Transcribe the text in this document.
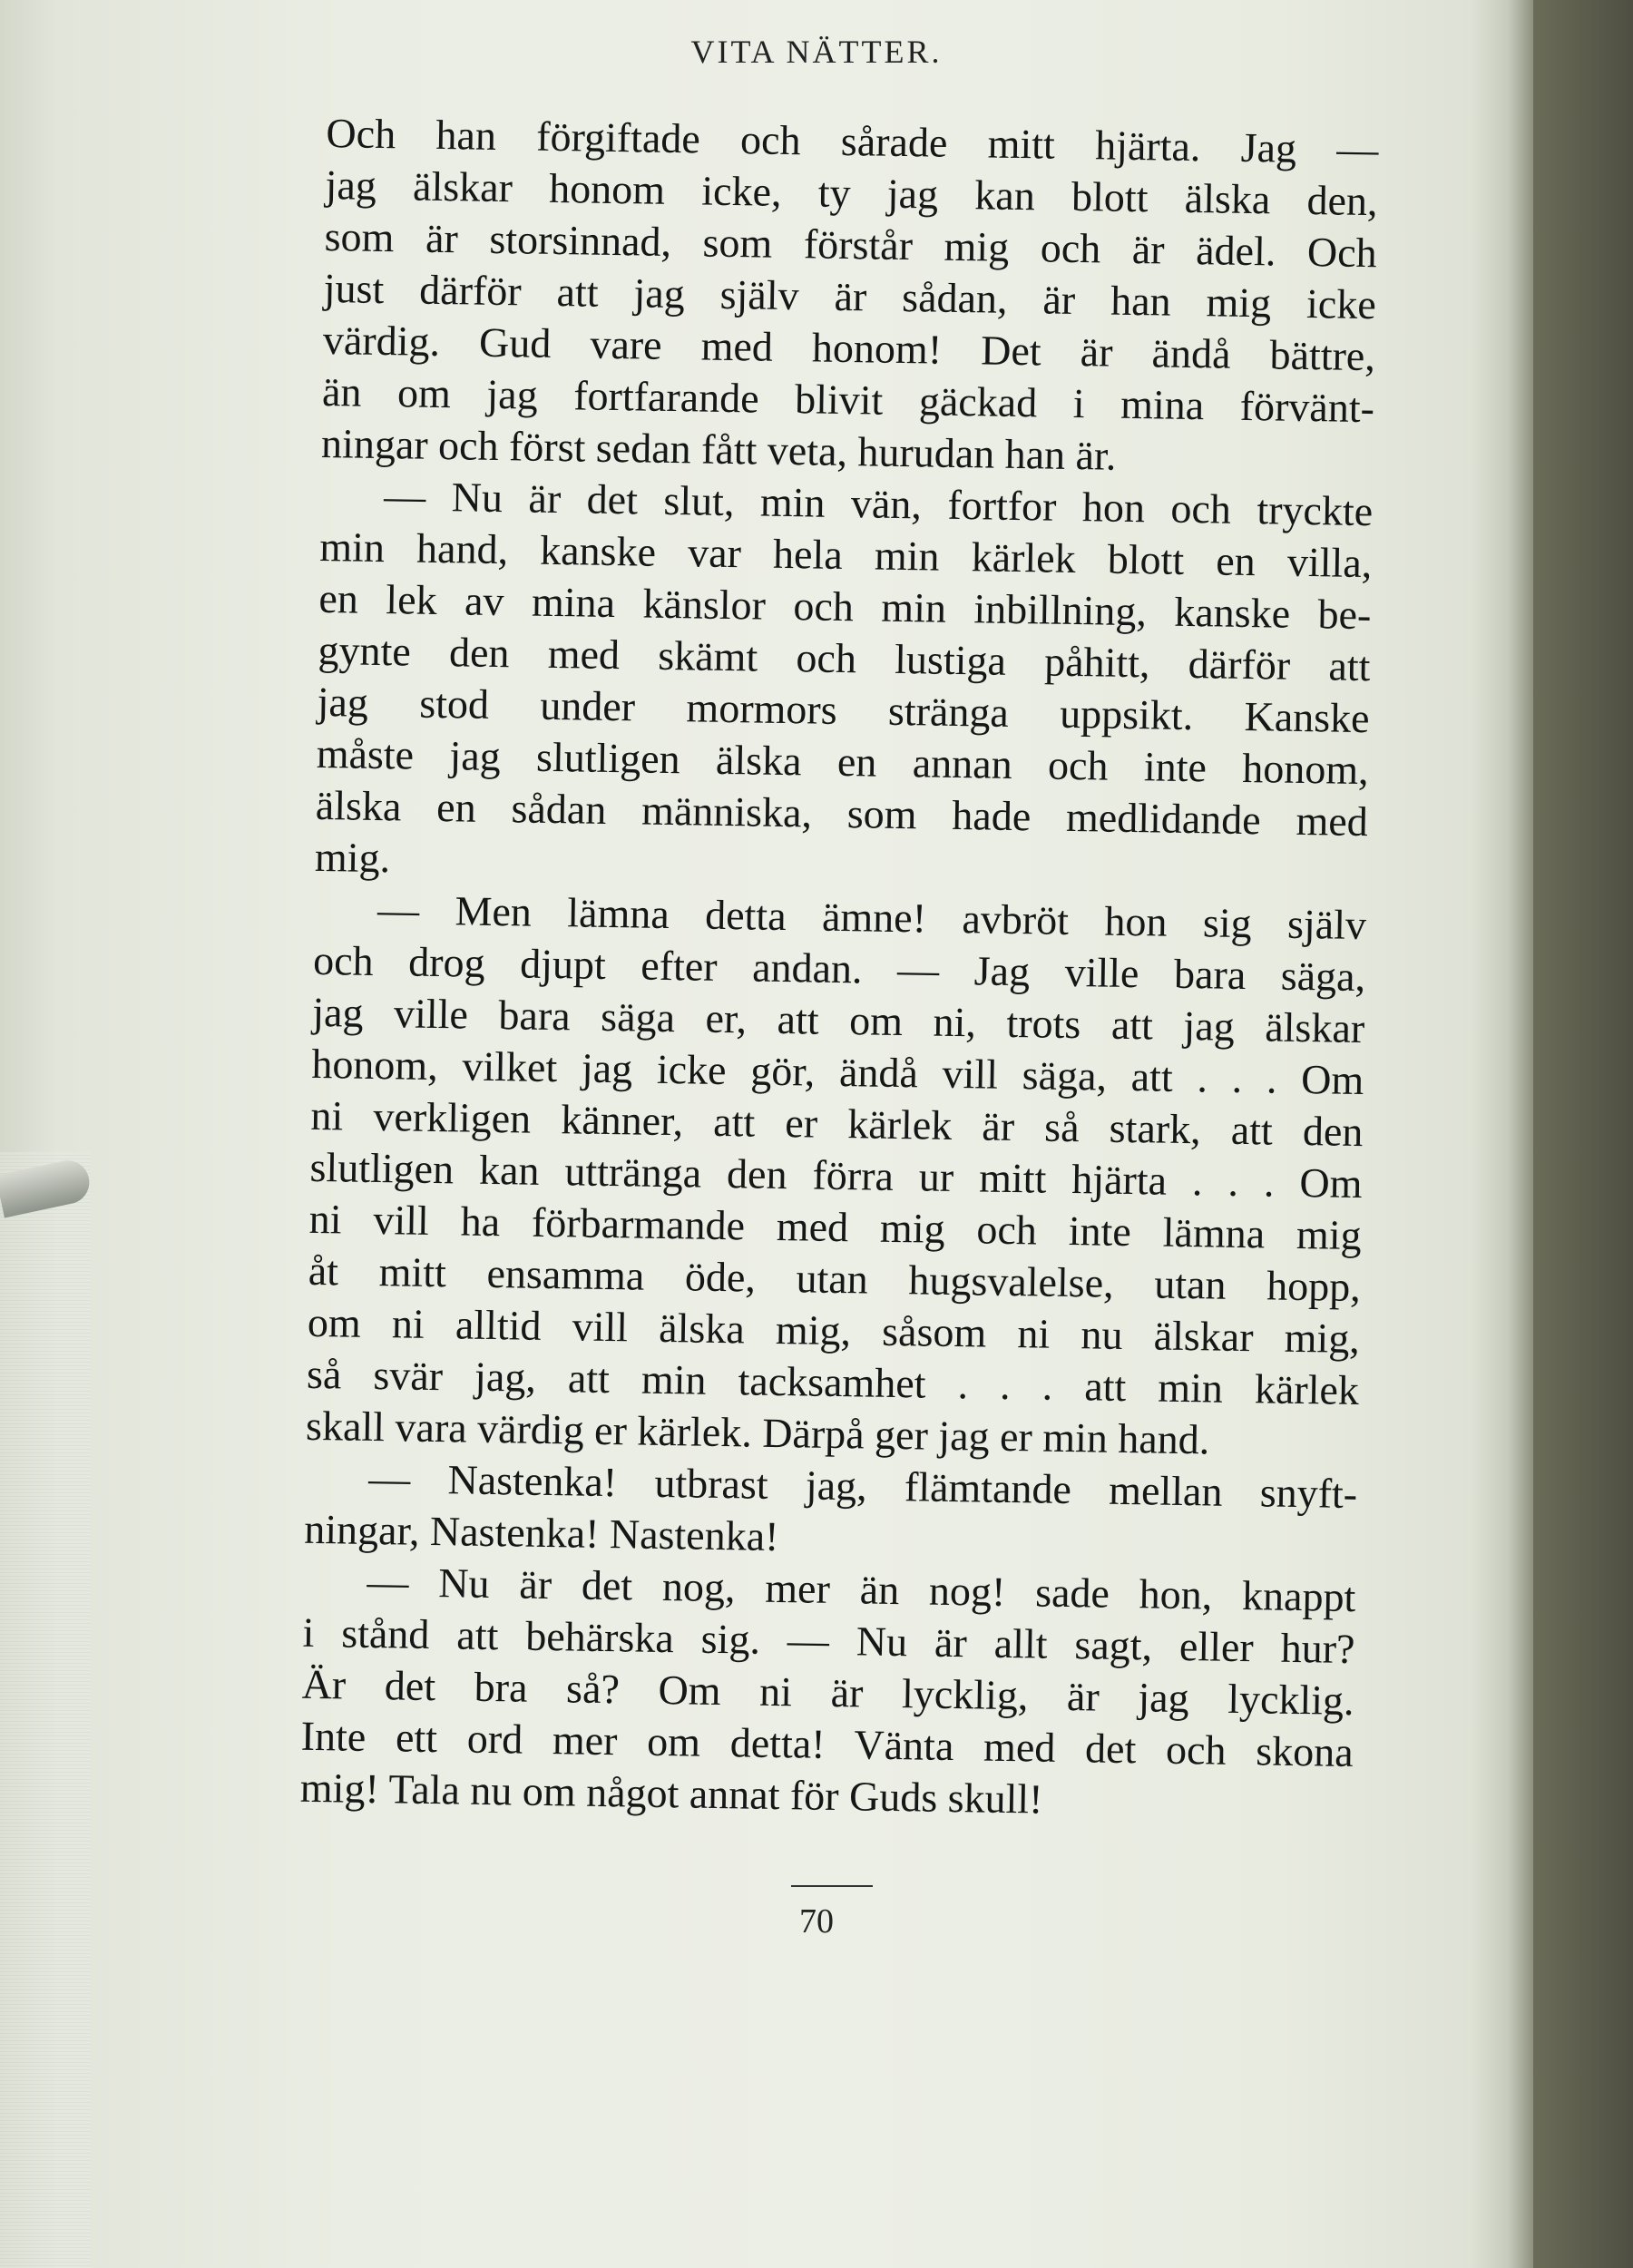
VITA NÄTTER.
Och han förgiftade och sårade mitt hjärta. Jag —
jag älskar honom icke, ty jag kan blott älska den,
som är storsinnad, som förstår mig och är ädel. Och
just därför att jag själv är sådan, är han mig icke
värdig. Gud vare med honom! Det är ändå bättre,
än om jag fortfarande blivit gäckad i mina förvänt-
ningar och först sedan fått veta, hurudan han är.
— Nu är det slut, min vän, fortfor hon och tryckte
min hand, kanske var hela min kärlek blott en villa,
en lek av mina känslor och min inbillning, kanske be-
gynte den med skämt och lustiga påhitt, därför att
jag stod under mormors stränga uppsikt. Kanske
måste jag slutligen älska en annan och inte honom,
älska en sådan människa, som hade medlidande med
mig.
— Men lämna detta ämne! avbröt hon sig själv
och drog djupt efter andan. — Jag ville bara säga,
jag ville bara säga er, att om ni, trots att jag älskar
honom, vilket jag icke gör, ändå vill säga, att . . . Om
ni verkligen känner, att er kärlek är så stark, att den
slutligen kan uttränga den förra ur mitt hjärta . . . Om
ni vill ha förbarmande med mig och inte lämna mig
åt mitt ensamma öde, utan hugsvalelse, utan hopp,
om ni alltid vill älska mig, såsom ni nu älskar mig,
så svär jag, att min tacksamhet . . . att min kärlek
skall vara värdig er kärlek. Därpå ger jag er min hand.
— Nastenka! utbrast jag, flämtande mellan snyft-
ningar, Nastenka! Nastenka!
— Nu är det nog, mer än nog! sade hon, knappt
i stånd att behärska sig. — Nu är allt sagt, eller hur?
Är det bra så? Om ni är lycklig, är jag lycklig.
Inte ett ord mer om detta! Vänta med det och skona
mig! Tala nu om något annat för Guds skull!
70
